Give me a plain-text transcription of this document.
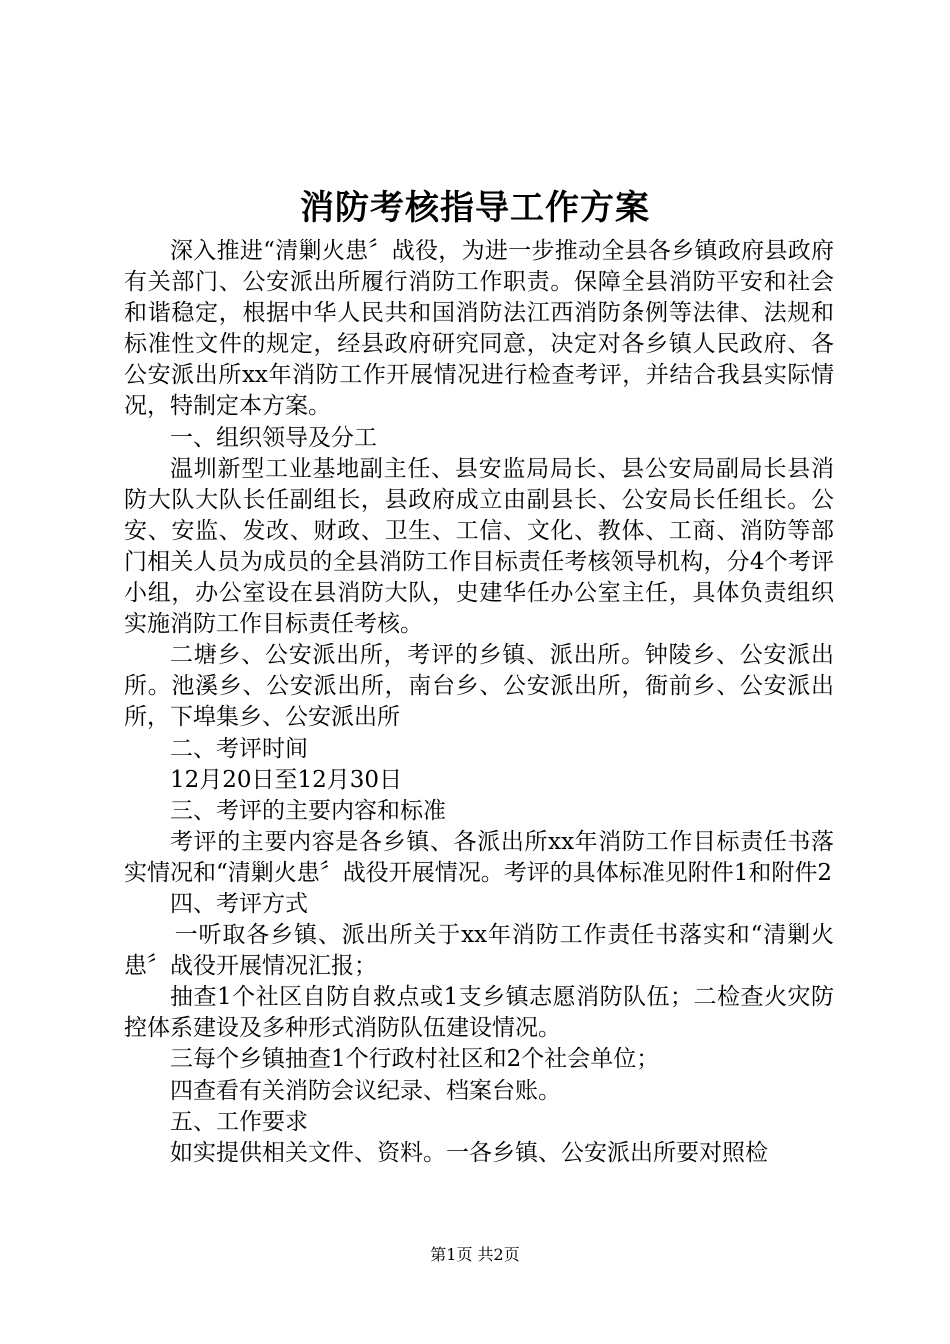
消防考核指导工作方案

深入推进“清剿火患〞战役，为进一步推动全县各乡镇政府县政府有关部门、公安派出所履行消防工作职责。保障全县消防平安和社会和谐稳定，根据中华人民共和国消防法江西消防条例等法律、法规和标准性文件的规定，经县政府研究同意，决定对各乡镇人民政府、各公安派出所xx年消防工作开展情况进行检查考评，并结合我县实际情况，特制定本方案。

一、组织领导及分工

温圳新型工业基地副主任、县安监局局长、县公安局副局长县消防大队大队长任副组长，县政府成立由副县长、公安局长任组长。公安、安监、发改、财政、卫生、工信、文化、教体、工商、消防等部门相关人员为成员的全县消防工作目标责任考核领导机构，分4个考评小组，办公室设在县消防大队，史建华任办公室主任，具体负责组织实施消防工作目标责任考核。

二塘乡、公安派出所，考评的乡镇、派出所。钟陵乡、公安派出所。池溪乡、公安派出所，南台乡、公安派出所，衙前乡、公安派出所，下埠集乡、公安派出所

二、考评时间

12月20日至12月30日

三、考评的主要内容和标准

考评的主要内容是各乡镇、各派出所xx年消防工作目标责任书落实情况和“清剿火患〞战役开展情况。考评的具体标准见附件1和附件2

四、考评方式

一听取各乡镇、派出所关于xx年消防工作责任书落实和“清剿火患〞战役开展情况汇报；

抽查1个社区自防自救点或1支乡镇志愿消防队伍；二检查火灾防控体系建设及多种形式消防队伍建设情况。

三每个乡镇抽查1个行政村社区和2个社会单位；

四查看有关消防会议纪录、档案台账。

五、工作要求

如实提供相关文件、资料。一各乡镇、公安派出所要对照检

第1页 共2页
